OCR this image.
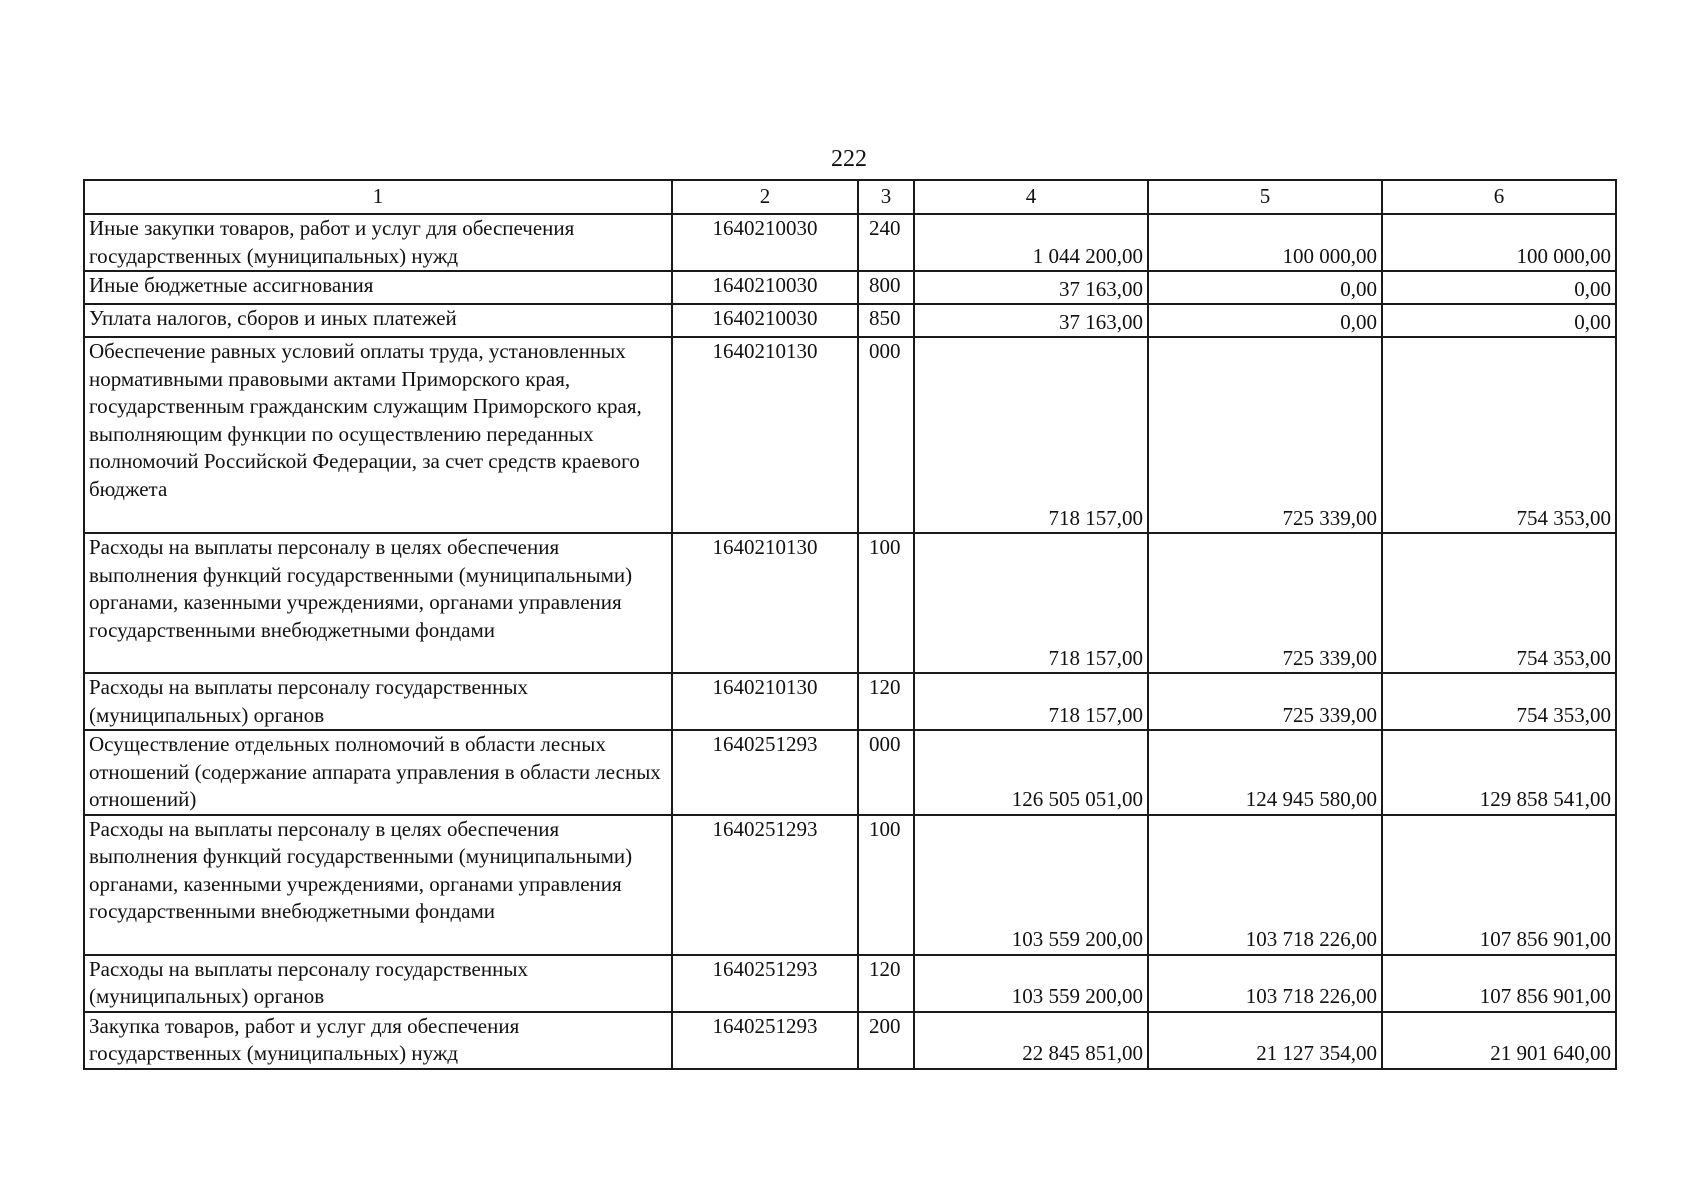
222
1	2	3	4	5	6
Иные закупки товаров, работ и услуг для обеспечения государственных (муниципальных) нужд	1640210030	240	1 044 200,00	100 000,00	100 000,00
Иные бюджетные ассигнования	1640210030	800	37 163,00	0,00	0,00
Уплата налогов, сборов и иных платежей	1640210030	850	37 163,00	0,00	0,00
Обеспечение равных условий оплаты труда, установленных нормативными правовыми актами Приморского края, государственным гражданским служащим Приморского края, выполняющим функции по осуществлению переданных полномочий Российской Федерации, за счет средств краевого бюджета	1640210130	000	718 157,00	725 339,00	754 353,00
Расходы на выплаты персоналу в целях обеспечения выполнения функций государственными (муниципальными) органами, казенными учреждениями, органами управления государственными внебюджетными фондами	1640210130	100	718 157,00	725 339,00	754 353,00
Расходы на выплаты персоналу государственных (муниципальных) органов	1640210130	120	718 157,00	725 339,00	754 353,00
Осуществление отдельных полномочий в области лесных отношений (содержание аппарата управления в области лесных отношений)	1640251293	000	126 505 051,00	124 945 580,00	129 858 541,00
Расходы на выплаты персоналу в целях обеспечения выполнения функций государственными (муниципальными) органами, казенными учреждениями, органами управления государственными внебюджетными фондами	1640251293	100	103 559 200,00	103 718 226,00	107 856 901,00
Расходы на выплаты персоналу государственных (муниципальных) органов	1640251293	120	103 559 200,00	103 718 226,00	107 856 901,00
Закупка товаров, работ и услуг для обеспечения государственных (муниципальных) нужд	1640251293	200	22 845 851,00	21 127 354,00	21 901 640,00
